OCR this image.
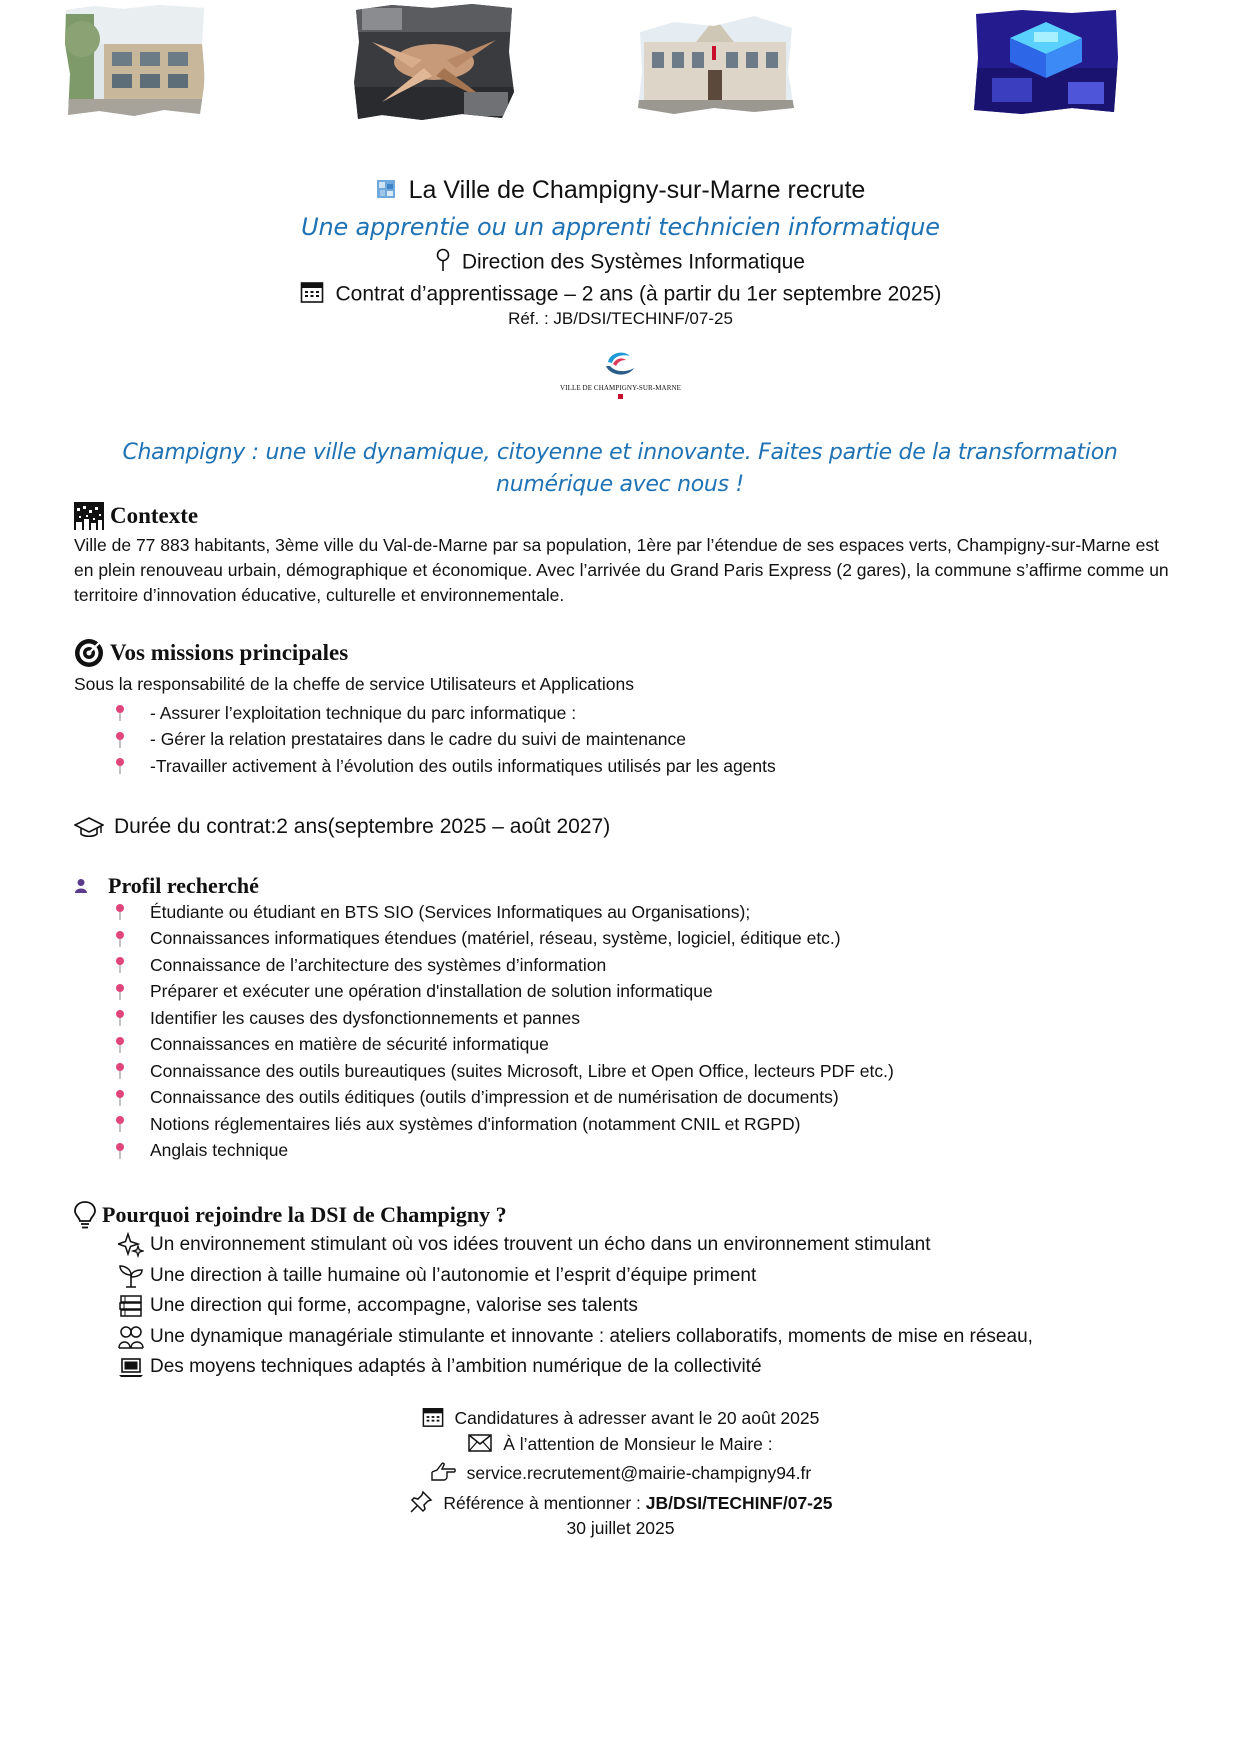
La Ville de Champigny-sur-Marne recrute
Une apprentie ou un apprenti technicien informatique
Direction des Systèmes Informatique
Contrat d’apprentissage – 2 ans (à partir du 1er septembre 2025)
Réf. : JB/DSI/TECHINF/07-25
VILLE DE CHAMPIGNY-SUR-MARNE
Champigny : une ville dynamique, citoyenne et innovante. Faites partie de la transformation numérique avec nous !
Contexte
Ville de 77 883 habitants, 3ème ville du Val-de-Marne par sa population, 1ère par l’étendue de ses espaces verts, Champigny-sur-Marne est en plein renouveau urbain, démographique et économique. Avec l’arrivée du Grand Paris Express (2 gares), la commune s’affirme comme un territoire d’innovation éducative, culturelle et environnementale.
Vos missions principales
Sous la responsabilité de la cheffe de service Utilisateurs et Applications
- Assurer l’exploitation technique du parc informatique :
- Gérer la relation prestataires dans le cadre du suivi de maintenance
-Travailler activement à l’évolution des outils informatiques utilisés par les agents
Durée du contrat : 2 ans (septembre 2025 – août 2027)
Profil recherché
Étudiante ou étudiant en BTS SIO (Services Informatiques au Organisations);
Connaissances informatiques étendues (matériel, réseau, système, logiciel, éditique etc.)
Connaissance de l’architecture des systèmes d’information
Préparer et exécuter une opération d'installation de solution informatique
Identifier les causes des dysfonctionnements et pannes
Connaissances en matière de sécurité informatique
Connaissance des outils bureautiques (suites Microsoft, Libre et Open Office, lecteurs PDF etc.)
Connaissance des outils éditiques (outils d’impression et de numérisation de documents)
Notions réglementaires liés aux systèmes d'information (notamment CNIL et RGPD)
Anglais technique
Pourquoi rejoindre la DSI de Champigny ?
Un environnement stimulant où vos idées trouvent un écho dans un environnement stimulant
Une direction à taille humaine où l’autonomie et l’esprit d’équipe priment
Une direction qui forme, accompagne, valorise ses talents
Une dynamique managériale stimulante et innovante : ateliers collaboratifs, moments de mise en réseau,
Des moyens techniques adaptés à l’ambition numérique de la collectivité
Candidatures à adresser avant le 20 août 2025
À l’attention de Monsieur le Maire :
service.recrutement@mairie-champigny94.fr
Référence à mentionner : JB/DSI/TECHINF/07-25
30 juillet 2025
